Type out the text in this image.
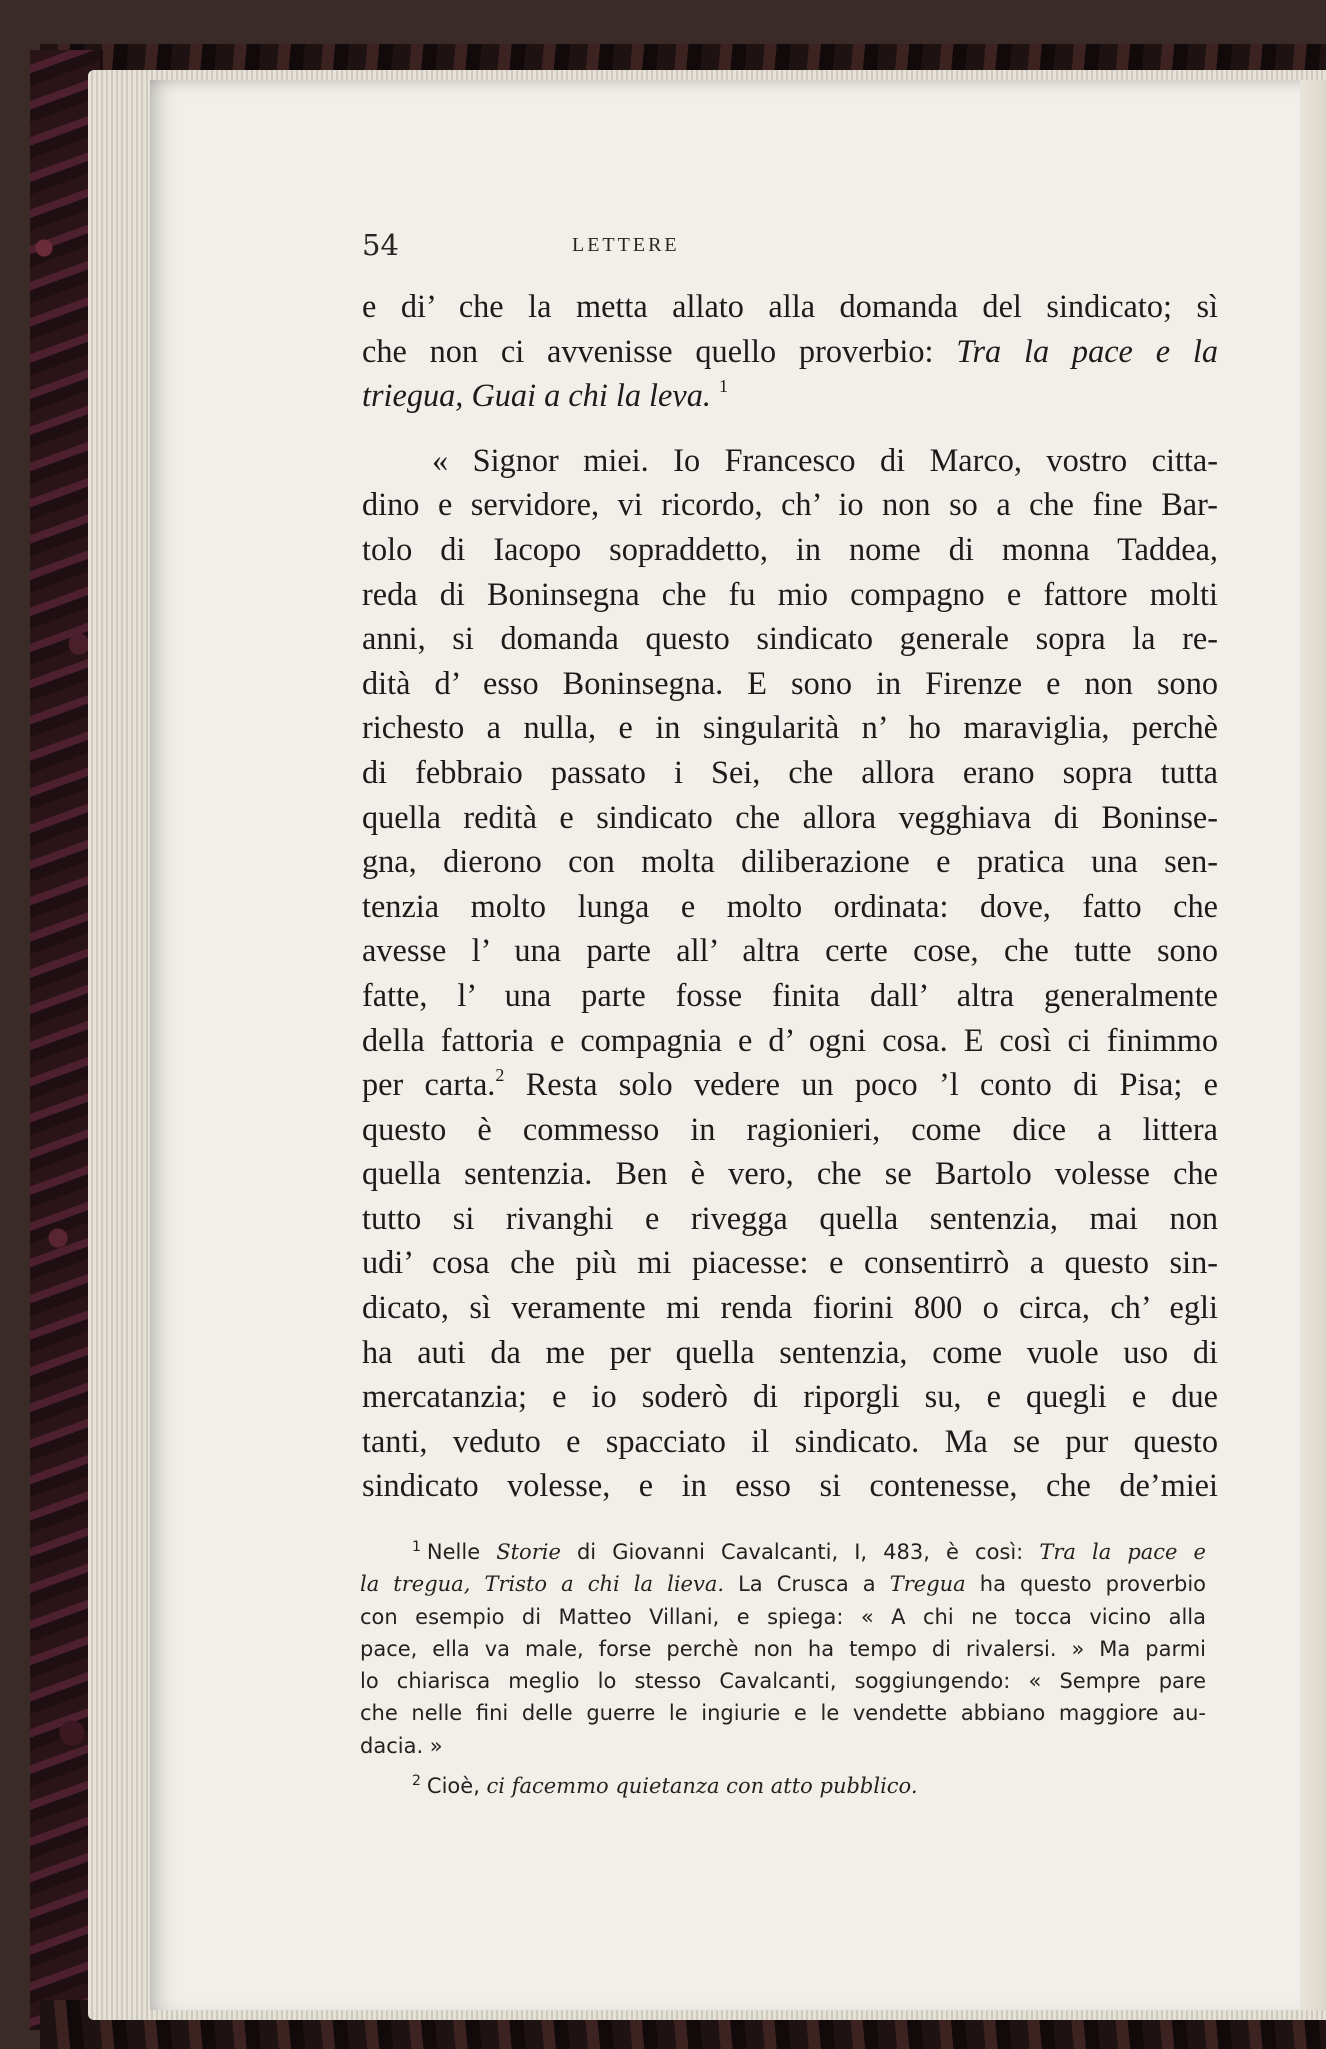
54	LETTERE
e di’ che la metta allato alla domanda del sindicato; sì
che non ci avvenisse quello proverbio: Tra la pace e la
triegua, Guai a chi la leva. $^1$
« Signor miei. Io Francesco di Marco, vostro citta-
dino e servidore, vi ricordo, ch’ io non so a che fine Bar-
tolo di Iacopo sopraddetto, in nome di monna Taddea,
reda di Boninsegna che fu mio compagno e fattore molti
anni, si domanda questo sindicato generale sopra la re-
dità d’ esso Boninsegna. E sono in Firenze e non sono
richesto a nulla, e in singularità n’ ho maraviglia, perchè
di febbraio passato i Sei, che allora erano sopra tutta
quella redità e sindicato che allora vegghiava di Boninse-
gna, dierono con molta diliberazione e pratica una sen-
tenzia molto lunga e molto ordinata: dove, fatto che
avesse l’ una parte all’ altra certe cose, che tutte sono
fatte, l’ una parte fosse finita dall’ altra generalmente
della fattoria e compagnia e d’ ogni cosa. E così ci finimmo
per carta.$^2$ Resta solo vedere un poco ’l conto di Pisa; e
questo è commesso in ragionieri, come dice a littera
quella sentenzia. Ben è vero, che se Bartolo volesse che
tutto si rivanghi e rivegga quella sentenzia, mai non
udi’ cosa che più mi piacesse: e consentirrò a questo sin-
dicato, sì veramente mi renda fiorini 800 o circa, ch’ egli
ha auti da me per quella sentenzia, come vuole uso di
mercatanzia; e io soderò di riporgli su, e quegli e due
tanti, veduto e spacciato il sindicato. Ma se pur questo
sindicato volesse, e in esso si contenesse, che de’miei
$^1$ Nelle Storie di Giovanni Cavalcanti, I, 483, è così: Tra la pace e
la tregua, Tristo a chi la lieva. La Crusca a Tregua ha questo proverbio
con esempio di Matteo Villani, e spiega: « A chi ne tocca vicino alla
pace, ella va male, forse perchè non ha tempo di rivalersi. » Ma parmi
lo chiarisca meglio lo stesso Cavalcanti, soggiungendo: « Sempre pare
che nelle fini delle guerre le ingiurie e le vendette abbiano maggiore au-
dacia. »
$^2$ Cioè, ci facemmo quietanza con atto pubblico.
